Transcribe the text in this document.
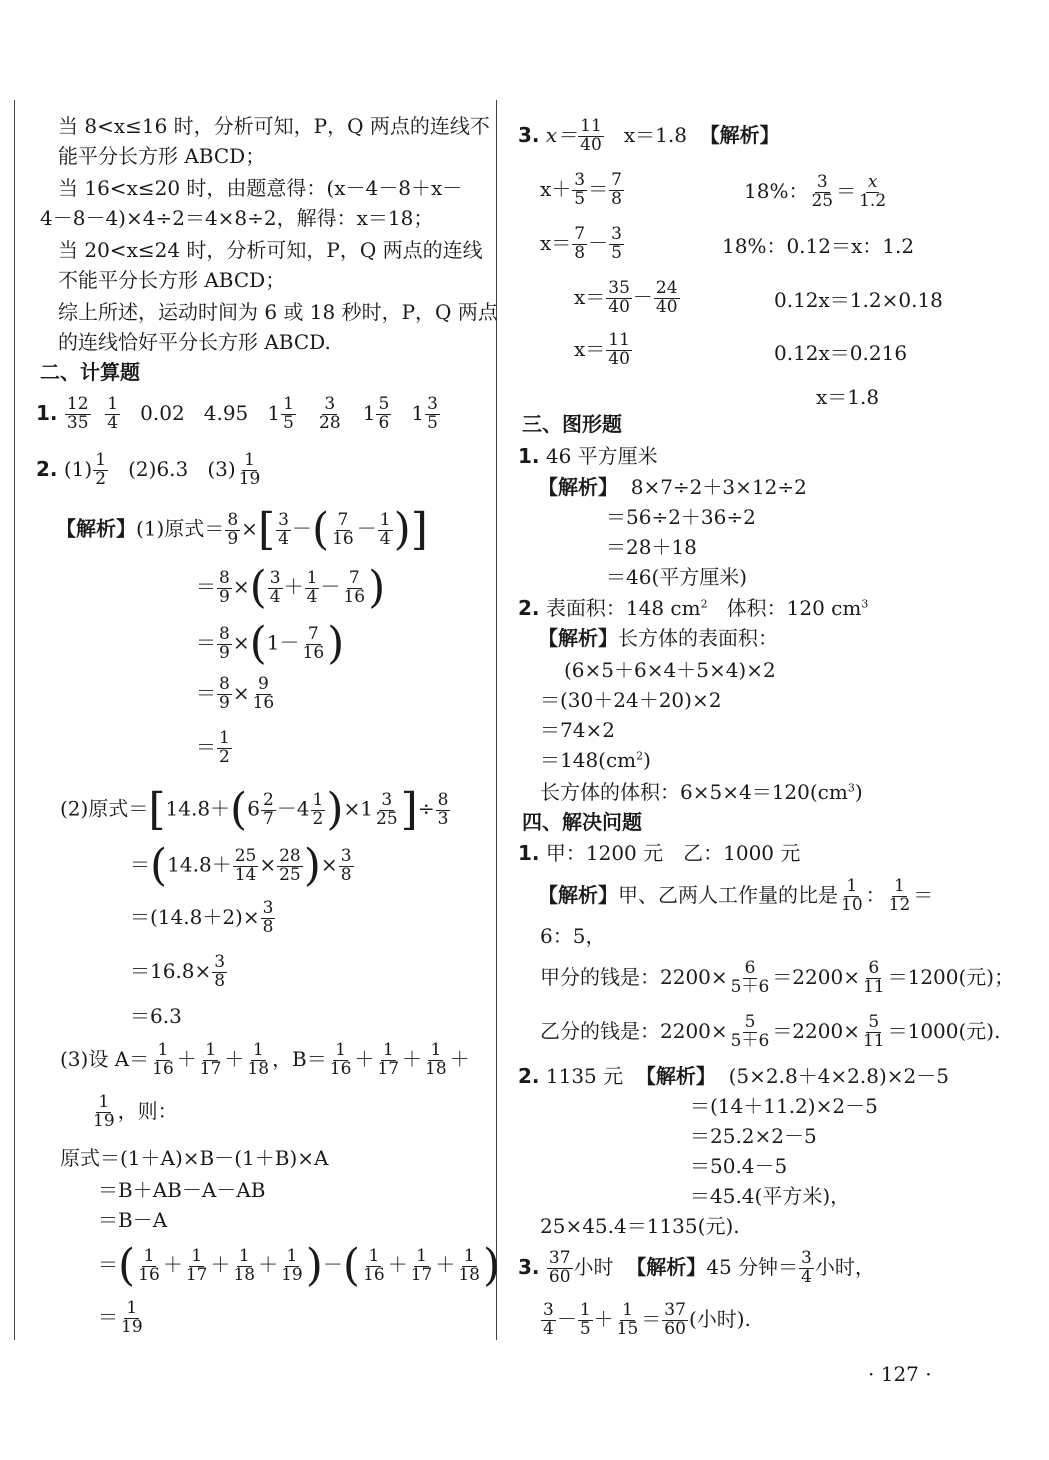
当 8<x≤16 时，分析可知，P，Q 两点的连线不
能平分长方形 ABCD；
当 16<x≤20 时，由题意得：(x－4－8＋x－
4－8－4)×4÷2＝4×8÷2，解得：x＝18；
当 20<x≤24 时，分析可知，P，Q 两点的连线
不能平分长方形 ABCD；
综上所述，运动时间为 6 或 18 秒时，P，Q 两点
的连线恰好平分长方形 ABCD.
二、计算题
1. $\frac{12}{35}$
$\frac{1}{4} 0.02$ 4.95 $1 \frac{1}{5}$
$\frac{3}{28} 1 \frac{5}{6} 1 \frac{3}{5}$
2. $(1) \frac{1}{2} (2)6.3$ $(3) \frac{1}{19}$
【解析】(1)原式＝ $\frac{8}{9}$ ×[ $\frac{3}{4}$ －( $\frac{7}{16} - \frac{1}{4}$ )]
＝ $\frac{8}{9}$ ×( $\frac{3}{4} + \frac{1}{4} - \frac{7}{16}$ )
＝ $\frac{8}{9} \times(1- \frac{7}{16}$ )
＝ $\frac{8}{9} \times \frac{9}{16}$
＝ $\frac{1}{2}$
(2)原式$=[14.8+(6 \frac{2}{7} -4 \frac{1}{2} )\times 1 \frac{3}{25}$ ]÷ $\frac{8}{3}$
$=(14.8+ \frac{25}{14} \times \frac{28}{25}$ )× $\frac{3}{8}$
$=(14.8+2)\times \frac{3}{8}$
$=16.8\times \frac{3}{8}$
＝6.3
(3)设 $A= \frac{1}{16} + \frac{1}{17} + \frac{1}{18}$ ，$B= \frac{1}{16} + \frac{1}{17} + \frac{1}{18}$ ＋
$\frac{1}{19}$ ，则：
原式＝(1＋A)×B－(1＋B)×A
＝B＋AB－A－AB
＝B－A
＝( $\frac{1}{16} + \frac{1}{17} + \frac{1}{18} + \frac{1}{19}$ )－( $\frac{1}{16} + \frac{1}{17} + \frac{1}{18}$ )
＝ $\frac{1}{19}$
3. $x= \frac{11}{40} x=1.8$ 【解析】
$x+ \frac{3}{5} = \frac{7}{8}$	18%： $\frac{3}{25} = \frac{x}{1.2}$
$x= \frac{7}{8} - \frac{3}{5}$	18%：0.12＝x：1.2
$x= \frac{35}{40} - \frac{24}{40}$	0.12x＝1.2×0.18
$x= \frac{11}{40}$	0.12x＝0.216
x＝1.8
三、图形题
1. 46 平方厘米
【解析】 8×7÷2＋3×12÷2
＝56÷2＋36÷2
＝28＋18
＝46(平方厘米)
2. 表面积：148 $cm^2$ 体积：120 $cm^3$
【解析】长方体的表面积：
(6×5＋6×4＋5×4)×2
＝(30＋24＋20)×2
＝74×2
$=148(cm^2)$
长方体的体积：$6\times 5\times 4=120(cm^3)$
四、解决问题
1. 甲：1200 元　乙：1000 元
【解析】甲、乙两人工作量的比是 $\frac{1}{10}$ ： $\frac{1}{12}$ ＝
6：5，
甲分的钱是：$2200\times \frac{6}{5+6} =2200\times \frac{6}{11} =1200$(元)；
乙分的钱是：$2200\times \frac{5}{5+6} =2200\times \frac{5}{11} =1000$(元).
2. 1135 元 【解析】 (5×2.8＋4×2.8)×2－5
＝(14＋11.2)×2－5
＝25.2×2－5
＝50.4－5
＝45.4(平方米)，
25×45.4＝1135(元).
3. $\frac{37}{60}$ 小时 【解析】45 分钟＝ $\frac{3}{4}$ 小时，
$\frac{3}{4} - \frac{1}{5} + \frac{1}{15} = \frac{37}{60}$ (小时).
· 127 ·
